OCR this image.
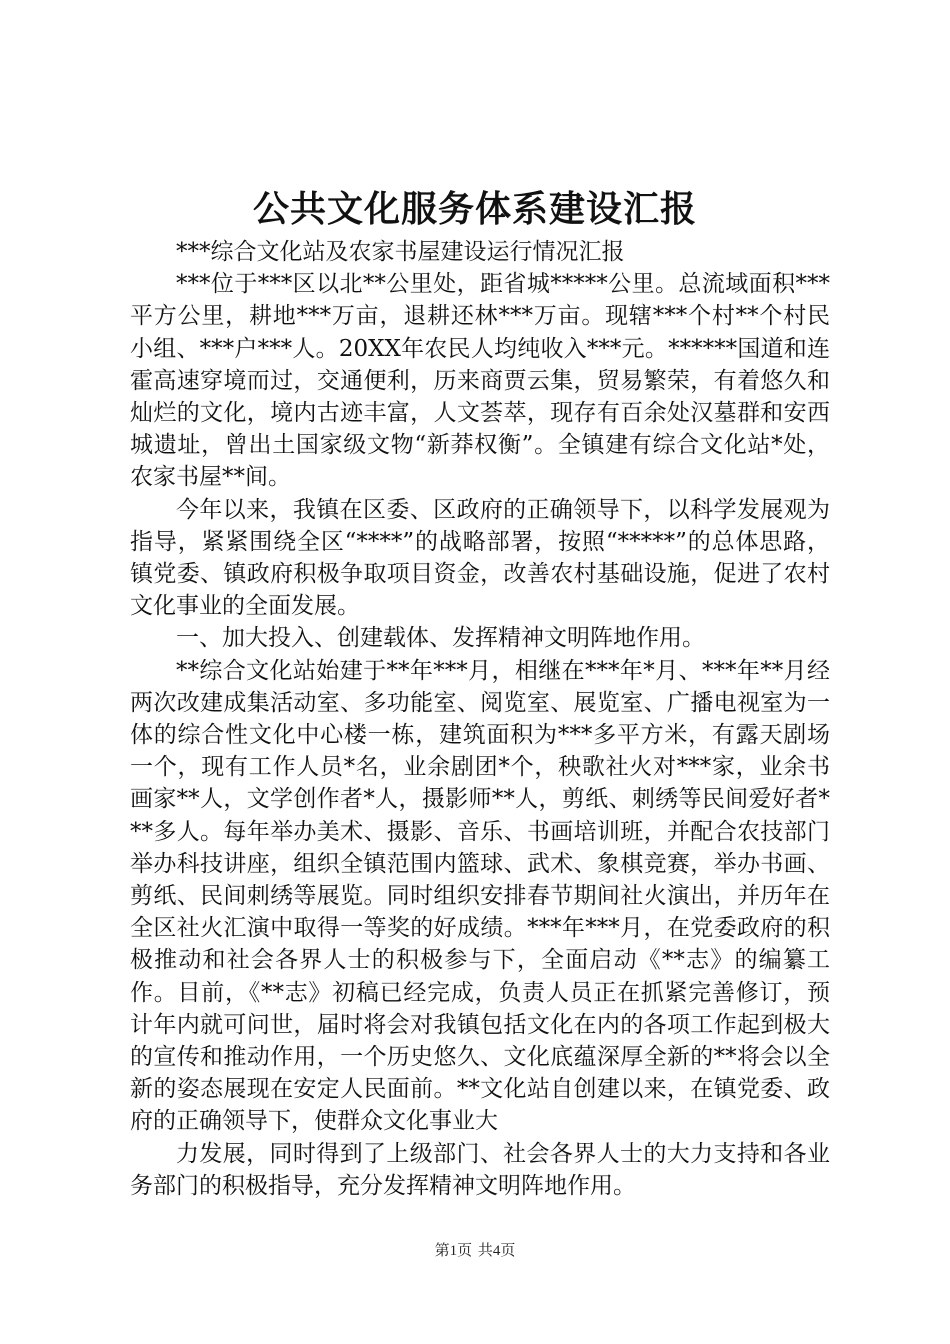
公共文化服务体系建设汇报

***综合文化站及农家书屋建设运行情况汇报

***位于***区以北**公里处，距省城*****公里。总流域面积***平方公里，耕地***万亩，退耕还林***万亩。现辖***个村**个村民小组、***户***人。20XX年农民人均纯收入***元。******国道和连霍高速穿境而过，交通便利，历来商贾云集，贸易繁荣，有着悠久和灿烂的文化，境内古迹丰富，人文荟萃，现存有百余处汉墓群和安西城遗址，曾出土国家级文物“新莽权衡”。全镇建有综合文化站*处，农家书屋**间。

今年以来，我镇在区委、区政府的正确领导下，以科学发展观为指导，紧紧围绕全区“****”的战略部署，按照“*****”的总体思路，镇党委、镇政府积极争取项目资金，改善农村基础设施，促进了农村文化事业的全面发展。

一、加大投入、创建载体、发挥精神文明阵地作用。

**综合文化站始建于**年***月，相继在***年*月、***年**月经两次改建成集活动室、多功能室、阅览室、展览室、广播电视室为一体的综合性文化中心楼一栋，建筑面积为***多平方米，有露天剧场一个，现有工作人员*名，业余剧团*个，秧歌社火对***家，业余书画家**人，文学创作者*人，摄影师**人，剪纸、刺绣等民间爱好者***多人。每年举办美术、摄影、音乐、书画培训班，并配合农技部门举办科技讲座，组织全镇范围内篮球、武术、象棋竞赛，举办书画、剪纸、民间刺绣等展览。同时组织安排春节期间社火演出，并历年在全区社火汇演中取得一等奖的好成绩。***年***月，在党委政府的积极推动和社会各界人士的积极参与下，全面启动《**志》的编纂工作。目前，《**志》初稿已经完成，负责人员正在抓紧完善修订，预计年内就可问世，届时将会对我镇包括文化在内的各项工作起到极大的宣传和推动作用，一个历史悠久、文化底蕴深厚全新的**将会以全新的姿态展现在安定人民面前。**文化站自创建以来，在镇党委、政府的正确领导下，使群众文化事业大

力发展，同时得到了上级部门、社会各界人士的大力支持和各业务部门的积极指导，充分发挥精神文明阵地作用。

第1页 共4页
